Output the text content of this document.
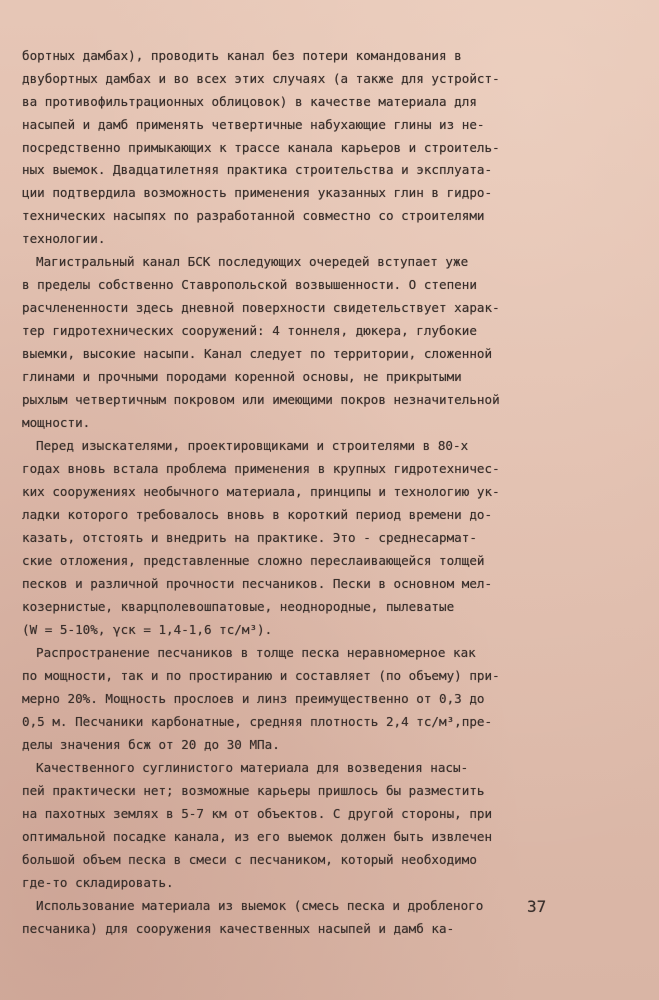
бортных дамбах), проводить канал без потери командования в
двубортных дамбах и во всех этих случаях (а также для устройст-
ва противофильтрационных облицовок) в качестве материала для
насыпей и дамб применять четвертичные набухающие глины из не-
посредственно примыкающих к трассе канала карьеров и строитель-
ных выемок. Двадцатилетняя практика строительства и эксплуата-
ции подтвердила возможность применения указанных глин в гидро-
технических насыпях по разработанной совместно со строителями
технологии.
Магистральный канал БСК последующих очередей вступает уже
в пределы собственно Ставропольской возвышенности. О степени
расчлененности здесь дневной поверхности свидетельствует харак-
тер гидротехнических сооружений: 4 тоннеля, дюкера, глубокие
выемки, высокие насыпи. Канал следует по территории, сложенной
глинами и прочными породами коренной основы, не прикрытыми
рыхлым четвертичным покровом или имеющими покров незначительной
мощности.
Перед изыскателями, проектировщиками и строителями в 80-х
годах вновь встала проблема применения в крупных гидротехничес-
ких сооружениях необычного материала, принципы и технологию ук-
ладки которого требовалось вновь в короткий период времени до-
казать, отстоять и внедрить на практике. Это - среднесармат-
ские отложения, представленные сложно переслаивающейся толщей
песков и различной прочности песчаников. Пески в основном мел-
козернистые, кварцполевошпатовые, неоднородные, пылеватые
(W = 5-10%, γск = 1,4-1,6 тс/м³).
Распространение песчаников в толще песка неравномерное как
по мощности, так и по простиранию и составляет (по объему) при-
мерно 20%. Мощность прослоев и линз преимущественно от 0,3 до
0,5 м. Песчаники карбонатные, средняя плотность 2,4 тс/м³,пре-
делы значения бсж от 20 до 30 МПа.
Качественного суглинистого материала для возведения насы-
пей практически нет; возможные карьеры пришлось бы разместить
на пахотных землях в 5-7 км от объектов. С другой стороны, при
оптимальной посадке канала, из его выемок должен быть извлечен
большой объем песка в смеси с песчаником, который необходимо
где-то складировать.
Использование материала из выемок (смесь песка и дробленого
песчаника) для сооружения качественных насыпей и дамб ка-
37
